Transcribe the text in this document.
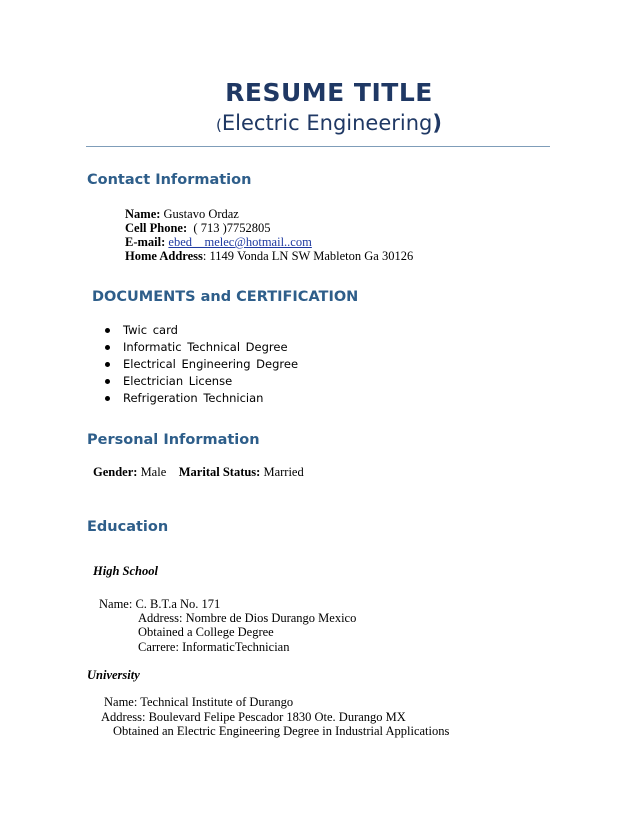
RESUME TITLE
(Electric Engineering)
Contact Information
Name: Gustavo Ordaz
Cell Phone: ( 713 )7752805
E-mail: ebed__melec@hotmail..com
Home Address: 1149 Vonda LN SW Mableton Ga 30126
DOCUMENTS and CERTIFICATION
Twic card
Informatic Technical Degree
Electrical Engineering Degree
Electrician License
Refrigeration Technician
Personal Information
Gender: Male Marital Status: Married
Education
High School
Name: C. B.T.a No. 171
Address: Nombre de Dios Durango Mexico
Obtained a College Degree
Carrere: InformaticTechnician
University
Name: Technical Institute of Durango
Address: Boulevard Felipe Pescador 1830 Ote. Durango MX
Obtained an Electric Engineering Degree in Industrial Applications
